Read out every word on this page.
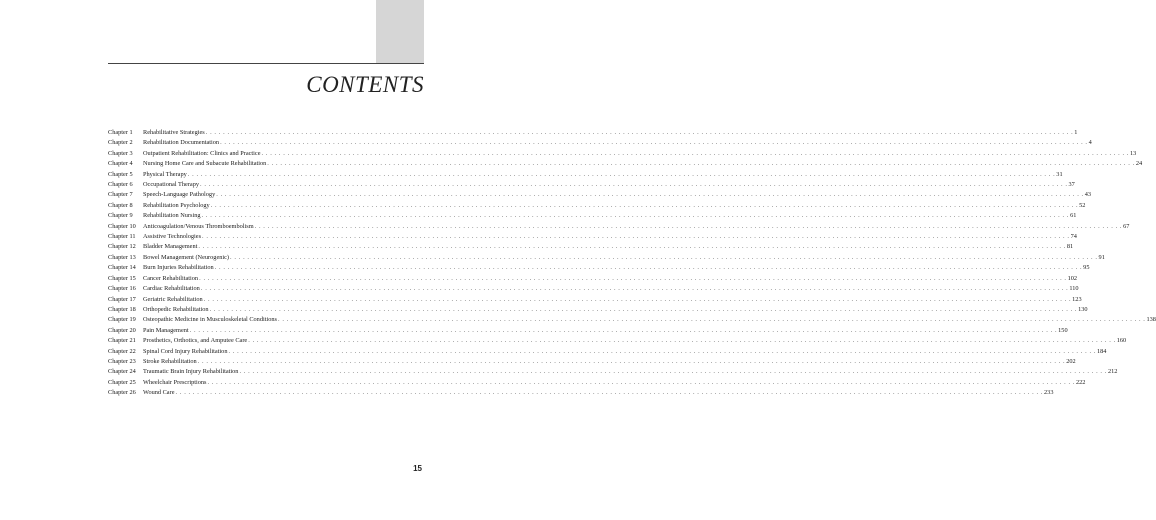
CONTENTS
Chapter 1	Rehabilitative Strategies . . . . . . . . . . . . . . . . . . . . . . . . . . . . . . . . . . . . . . . . . . . . . . . . . . . . . . . . . . . . . . . . . . . . . . . . . . . . . . . . . . . . . . . . . . . . . . . . . . . . . . . . . . . . . . . . . . . . . . . . . . . . . . . . . . . . . . . . . . . . . . . . . . . . . . . . . . . . . . . . . . . . . . . . . . . . . . . . . . . . . . . . . . . . . . . . . . . . . . . . 1
Chapter 2	Rehabilitation Documentation . . . . . . . . . . . . . . . . . . . . . . . . . . . . . . . . . . . . . . . . . . . . . . . . . . . . . . . . . . . . . . . . . . . . . . . . . . . . . . . . . . . . . . . . . . . . . . . . . . . . . . . . . . . . . . . . . . . . . . . . . . . . . . . . . . . . . . . . . . . . . . . . . . . . . . . . . . . . . . . . . . . . . . . . . . . . . . . . . . . . . . . . . . . . . . . . . . . . . . . . 4
Chapter 3	Outpatient Rehabilitation: Clinics and Practice . . . . . . . . . . . . . . . . . . . . . . . . . . . . . . . . . . . . . . . . . . . . . . . . . . . . . . . . . . . . . . . . . . . . . . . . . . . . . . . . . . . . . . . . . . . . . . . . . . . . . . . . . . . . . . . . . . . . . . . . . . . . . . . . . . . . . . . . . . . . . . . . . . . . . . . . . . . . . . . . . . . . . . . . . . . . . . . . . . . . . . . . . . . . . . . . . . . . . . . . 13
Chapter 4	Nursing Home Care and Subacute Rehabilitation . . . . . . . . . . . . . . . . . . . . . . . . . . . . . . . . . . . . . . . . . . . . . . . . . . . . . . . . . . . . . . . . . . . . . . . . . . . . . . . . . . . . . . . . . . . . . . . . . . . . . . . . . . . . . . . . . . . . . . . . . . . . . . . . . . . . . . . . . . . . . . . . . . . . . . . . . . . . . . . . . . . . . . . . . . . . . . . . . . . . . . . . . . . . . . . . . . . . . . . . 24
Chapter 5	Physical Therapy . . . . . . . . . . . . . . . . . . . . . . . . . . . . . . . . . . . . . . . . . . . . . . . . . . . . . . . . . . . . . . . . . . . . . . . . . . . . . . . . . . . . . . . . . . . . . . . . . . . . . . . . . . . . . . . . . . . . . . . . . . . . . . . . . . . . . . . . . . . . . . . . . . . . . . . . . . . . . . . . . . . . . . . . . . . . . . . . . . . . . . . . . . . . . . . . . . . . . . . . 31
Chapter 6	Occupational Therapy . . . . . . . . . . . . . . . . . . . . . . . . . . . . . . . . . . . . . . . . . . . . . . . . . . . . . . . . . . . . . . . . . . . . . . . . . . . . . . . . . . . . . . . . . . . . . . . . . . . . . . . . . . . . . . . . . . . . . . . . . . . . . . . . . . . . . . . . . . . . . . . . . . . . . . . . . . . . . . . . . . . . . . . . . . . . . . . . . . . . . . . . . . . . . . . . . . . . . . . . 37
Chapter 7	Speech-Language Pathology . . . . . . . . . . . . . . . . . . . . . . . . . . . . . . . . . . . . . . . . . . . . . . . . . . . . . . . . . . . . . . . . . . . . . . . . . . . . . . . . . . . . . . . . . . . . . . . . . . . . . . . . . . . . . . . . . . . . . . . . . . . . . . . . . . . . . . . . . . . . . . . . . . . . . . . . . . . . . . . . . . . . . . . . . . . . . . . . . . . . . . . . . . . . . . . . . . . . . . . . 43
Chapter 8	Rehabilitation Psychology . . . . . . . . . . . . . . . . . . . . . . . . . . . . . . . . . . . . . . . . . . . . . . . . . . . . . . . . . . . . . . . . . . . . . . . . . . . . . . . . . . . . . . . . . . . . . . . . . . . . . . . . . . . . . . . . . . . . . . . . . . . . . . . . . . . . . . . . . . . . . . . . . . . . . . . . . . . . . . . . . . . . . . . . . . . . . . . . . . . . . . . . . . . . . . . . . . . . . . . . 52
Chapter 9	Rehabilitation Nursing . . . . . . . . . . . . . . . . . . . . . . . . . . . . . . . . . . . . . . . . . . . . . . . . . . . . . . . . . . . . . . . . . . . . . . . . . . . . . . . . . . . . . . . . . . . . . . . . . . . . . . . . . . . . . . . . . . . . . . . . . . . . . . . . . . . . . . . . . . . . . . . . . . . . . . . . . . . . . . . . . . . . . . . . . . . . . . . . . . . . . . . . . . . . . . . . . . . . . . . . 61
Chapter 10	Anticoagulation/Venous Thromboembolism . . . . . . . . . . . . . . . . . . . . . . . . . . . . . . . . . . . . . . . . . . . . . . . . . . . . . . . . . . . . . . . . . . . . . . . . . . . . . . . . . . . . . . . . . . . . . . . . . . . . . . . . . . . . . . . . . . . . . . . . . . . . . . . . . . . . . . . . . . . . . . . . . . . . . . . . . . . . . . . . . . . . . . . . . . . . . . . . . . . . . . . . . . . . . . . . . . . . . . . . 67
Chapter 11	Assistive Technologies . . . . . . . . . . . . . . . . . . . . . . . . . . . . . . . . . . . . . . . . . . . . . . . . . . . . . . . . . . . . . . . . . . . . . . . . . . . . . . . . . . . . . . . . . . . . . . . . . . . . . . . . . . . . . . . . . . . . . . . . . . . . . . . . . . . . . . . . . . . . . . . . . . . . . . . . . . . . . . . . . . . . . . . . . . . . . . . . . . . . . . . . . . . . . . . . . . . . . . . . 74
Chapter 12	Bladder Management . . . . . . . . . . . . . . . . . . . . . . . . . . . . . . . . . . . . . . . . . . . . . . . . . . . . . . . . . . . . . . . . . . . . . . . . . . . . . . . . . . . . . . . . . . . . . . . . . . . . . . . . . . . . . . . . . . . . . . . . . . . . . . . . . . . . . . . . . . . . . . . . . . . . . . . . . . . . . . . . . . . . . . . . . . . . . . . . . . . . . . . . . . . . . . . . . . . . . . . . 81
Chapter 13	Bowel Management (Neurogenic) . . . . . . . . . . . . . . . . . . . . . . . . . . . . . . . . . . . . . . . . . . . . . . . . . . . . . . . . . . . . . . . . . . . . . . . . . . . . . . . . . . . . . . . . . . . . . . . . . . . . . . . . . . . . . . . . . . . . . . . . . . . . . . . . . . . . . . . . . . . . . . . . . . . . . . . . . . . . . . . . . . . . . . . . . . . . . . . . . . . . . . . . . . . . . . . . . . . . . . . . 91
Chapter 14	Burn Injuries Rehabilitation . . . . . . . . . . . . . . . . . . . . . . . . . . . . . . . . . . . . . . . . . . . . . . . . . . . . . . . . . . . . . . . . . . . . . . . . . . . . . . . . . . . . . . . . . . . . . . . . . . . . . . . . . . . . . . . . . . . . . . . . . . . . . . . . . . . . . . . . . . . . . . . . . . . . . . . . . . . . . . . . . . . . . . . . . . . . . . . . . . . . . . . . . . . . . . . . . . . . . . . . 95
Chapter 15	Cancer Rehabilitation . . . . . . . . . . . . . . . . . . . . . . . . . . . . . . . . . . . . . . . . . . . . . . . . . . . . . . . . . . . . . . . . . . . . . . . . . . . . . . . . . . . . . . . . . . . . . . . . . . . . . . . . . . . . . . . . . . . . . . . . . . . . . . . . . . . . . . . . . . . . . . . . . . . . . . . . . . . . . . . . . . . . . . . . . . . . . . . . . . . . . . . . . . . . . . . . . . . . . . . . 102
Chapter 16	Cardiac Rehabilitation . . . . . . . . . . . . . . . . . . . . . . . . . . . . . . . . . . . . . . . . . . . . . . . . . . . . . . . . . . . . . . . . . . . . . . . . . . . . . . . . . . . . . . . . . . . . . . . . . . . . . . . . . . . . . . . . . . . . . . . . . . . . . . . . . . . . . . . . . . . . . . . . . . . . . . . . . . . . . . . . . . . . . . . . . . . . . . . . . . . . . . . . . . . . . . . . . . . . . . . . 110
Chapter 17	Geriatric Rehabilitation . . . . . . . . . . . . . . . . . . . . . . . . . . . . . . . . . . . . . . . . . . . . . . . . . . . . . . . . . . . . . . . . . . . . . . . . . . . . . . . . . . . . . . . . . . . . . . . . . . . . . . . . . . . . . . . . . . . . . . . . . . . . . . . . . . . . . . . . . . . . . . . . . . . . . . . . . . . . . . . . . . . . . . . . . . . . . . . . . . . . . . . . . . . . . . . . . . . . . . . . 123
Chapter 18	Orthopedic Rehabilitation . . . . . . . . . . . . . . . . . . . . . . . . . . . . . . . . . . . . . . . . . . . . . . . . . . . . . . . . . . . . . . . . . . . . . . . . . . . . . . . . . . . . . . . . . . . . . . . . . . . . . . . . . . . . . . . . . . . . . . . . . . . . . . . . . . . . . . . . . . . . . . . . . . . . . . . . . . . . . . . . . . . . . . . . . . . . . . . . . . . . . . . . . . . . . . . . . . . . . . . . 130
Chapter 19	Osteopathic Medicine in Musculoskeletal Conditions . . . . . . . . . . . . . . . . . . . . . . . . . . . . . . . . . . . . . . . . . . . . . . . . . . . . . . . . . . . . . . . . . . . . . . . . . . . . . . . . . . . . . . . . . . . . . . . . . . . . . . . . . . . . . . . . . . . . . . . . . . . . . . . . . . . . . . . . . . . . . . . . . . . . . . . . . . . . . . . . . . . . . . . . . . . . . . . . . . . . . . . . . . . . . . . . . . . . . . . . 138
Chapter 20	Pain Management . . . . . . . . . . . . . . . . . . . . . . . . . . . . . . . . . . . . . . . . . . . . . . . . . . . . . . . . . . . . . . . . . . . . . . . . . . . . . . . . . . . . . . . . . . . . . . . . . . . . . . . . . . . . . . . . . . . . . . . . . . . . . . . . . . . . . . . . . . . . . . . . . . . . . . . . . . . . . . . . . . . . . . . . . . . . . . . . . . . . . . . . . . . . . . . . . . . . . . . . 150
Chapter 21	Prosthetics, Orthotics, and Amputee Care . . . . . . . . . . . . . . . . . . . . . . . . . . . . . . . . . . . . . . . . . . . . . . . . . . . . . . . . . . . . . . . . . . . . . . . . . . . . . . . . . . . . . . . . . . . . . . . . . . . . . . . . . . . . . . . . . . . . . . . . . . . . . . . . . . . . . . . . . . . . . . . . . . . . . . . . . . . . . . . . . . . . . . . . . . . . . . . . . . . . . . . . . . . . . . . . . . . . . . . . 160
Chapter 22	Spinal Cord Injury Rehabilitation . . . . . . . . . . . . . . . . . . . . . . . . . . . . . . . . . . . . . . . . . . . . . . . . . . . . . . . . . . . . . . . . . . . . . . . . . . . . . . . . . . . . . . . . . . . . . . . . . . . . . . . . . . . . . . . . . . . . . . . . . . . . . . . . . . . . . . . . . . . . . . . . . . . . . . . . . . . . . . . . . . . . . . . . . . . . . . . . . . . . . . . . . . . . . . . . . . . . . . . . 184
Chapter 23	Stroke Rehabilitation . . . . . . . . . . . . . . . . . . . . . . . . . . . . . . . . . . . . . . . . . . . . . . . . . . . . . . . . . . . . . . . . . . . . . . . . . . . . . . . . . . . . . . . . . . . . . . . . . . . . . . . . . . . . . . . . . . . . . . . . . . . . . . . . . . . . . . . . . . . . . . . . . . . . . . . . . . . . . . . . . . . . . . . . . . . . . . . . . . . . . . . . . . . . . . . . . . . . . . . . 202
Chapter 24	Traumatic Brain Injury Rehabilitation . . . . . . . . . . . . . . . . . . . . . . . . . . . . . . . . . . . . . . . . . . . . . . . . . . . . . . . . . . . . . . . . . . . . . . . . . . . . . . . . . . . . . . . . . . . . . . . . . . . . . . . . . . . . . . . . . . . . . . . . . . . . . . . . . . . . . . . . . . . . . . . . . . . . . . . . . . . . . . . . . . . . . . . . . . . . . . . . . . . . . . . . . . . . . . . . . . . . . . . . 212
Chapter 25	Wheelchair Prescriptions . . . . . . . . . . . . . . . . . . . . . . . . . . . . . . . . . . . . . . . . . . . . . . . . . . . . . . . . . . . . . . . . . . . . . . . . . . . . . . . . . . . . . . . . . . . . . . . . . . . . . . . . . . . . . . . . . . . . . . . . . . . . . . . . . . . . . . . . . . . . . . . . . . . . . . . . . . . . . . . . . . . . . . . . . . . . . . . . . . . . . . . . . . . . . . . . . . . . . . . . 222
Chapter 26	Wound Care . . . . . . . . . . . . . . . . . . . . . . . . . . . . . . . . . . . . . . . . . . . . . . . . . . . . . . . . . . . . . . . . . . . . . . . . . . . . . . . . . . . . . . . . . . . . . . . . . . . . . . . . . . . . . . . . . . . . . . . . . . . . . . . . . . . . . . . . . . . . . . . . . . . . . . . . . . . . . . . . . . . . . . . . . . . . . . . . . . . . . . . . . . . . . . . . . . . . . . . . 233
15
